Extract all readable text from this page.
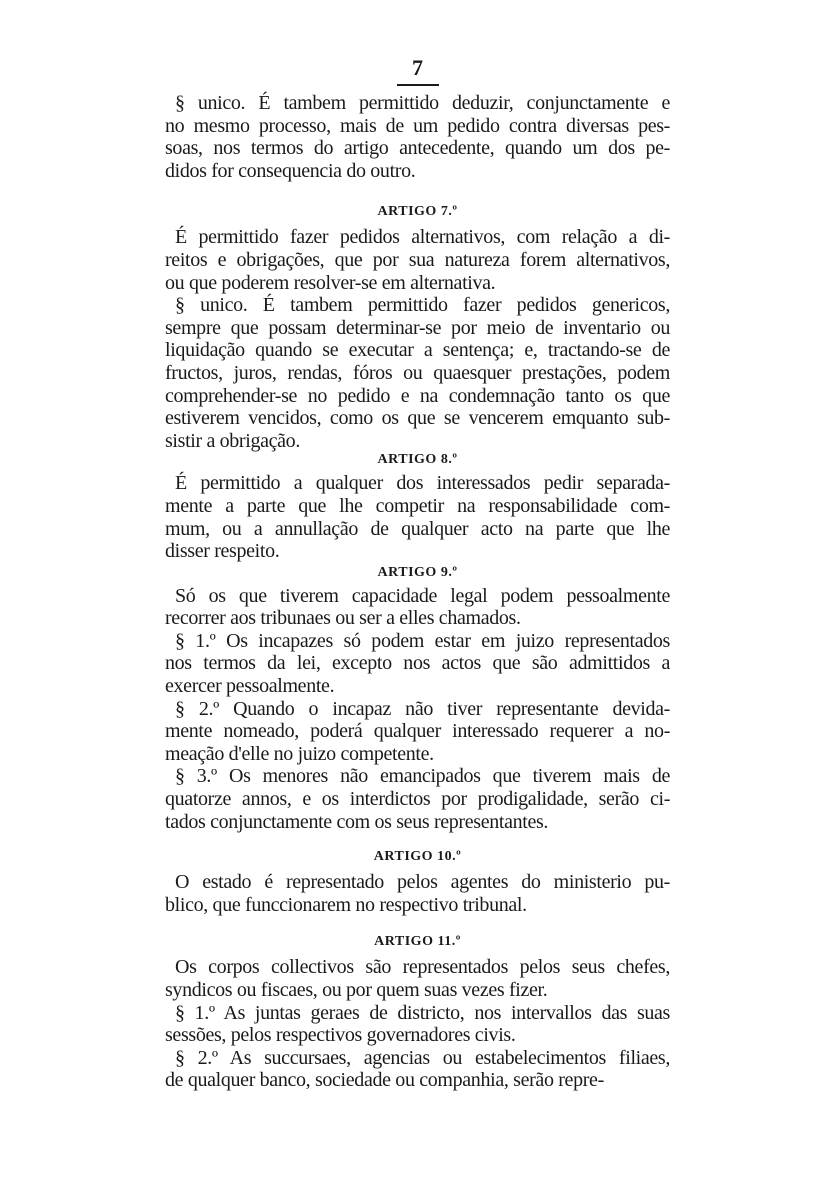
7
§ unico. É tambem permittido deduzir, conjunctamente e
no mesmo processo, mais de um pedido contra diversas pes-
soas, nos termos do artigo antecedente, quando um dos pe-
didos for consequencia do outro.
ARTIGO 7.º
É permittido fazer pedidos alternativos, com relação a di-
reitos e obrigações, que por sua natureza forem alternativos,
ou que poderem resolver-se em alternativa.
§ unico. É tambem permittido fazer pedidos genericos,
sempre que possam determinar-se por meio de inventario ou
liquidação quando se executar a sentença; e, tractando-se de
fructos, juros, rendas, fóros ou quaesquer prestações, podem
comprehender-se no pedido e na condemnação tanto os que
estiverem vencidos, como os que se vencerem emquanto sub-
sistir a obrigação.
ARTIGO 8.º
É permittido a qualquer dos interessados pedir separada-
mente a parte que lhe competir na responsabilidade com-
mum, ou a annullação de qualquer acto na parte que lhe
disser respeito.
ARTIGO 9.º
Só os que tiverem capacidade legal podem pessoalmente
recorrer aos tribunaes ou ser a elles chamados.
§ 1.º Os incapazes só podem estar em juizo representados
nos termos da lei, excepto nos actos que são admittidos a
exercer pessoalmente.
§ 2.º Quando o incapaz não tiver representante devida-
mente nomeado, poderá qualquer interessado requerer a no-
meação d'elle no juizo competente.
§ 3.º Os menores não emancipados que tiverem mais de
quatorze annos, e os interdictos por prodigalidade, serão ci-
tados conjunctamente com os seus representantes.
ARTIGO 10.º
O estado é representado pelos agentes do ministerio pu-
blico, que funccionarem no respectivo tribunal.
ARTIGO 11.º
Os corpos collectivos são representados pelos seus chefes,
syndicos ou fiscaes, ou por quem suas vezes fizer.
§ 1.º As juntas geraes de districto, nos intervallos das suas
sessões, pelos respectivos governadores civis.
§ 2.º As succursaes, agencias ou estabelecimentos filiaes,
de qualquer banco, sociedade ou companhia, serão repre-
